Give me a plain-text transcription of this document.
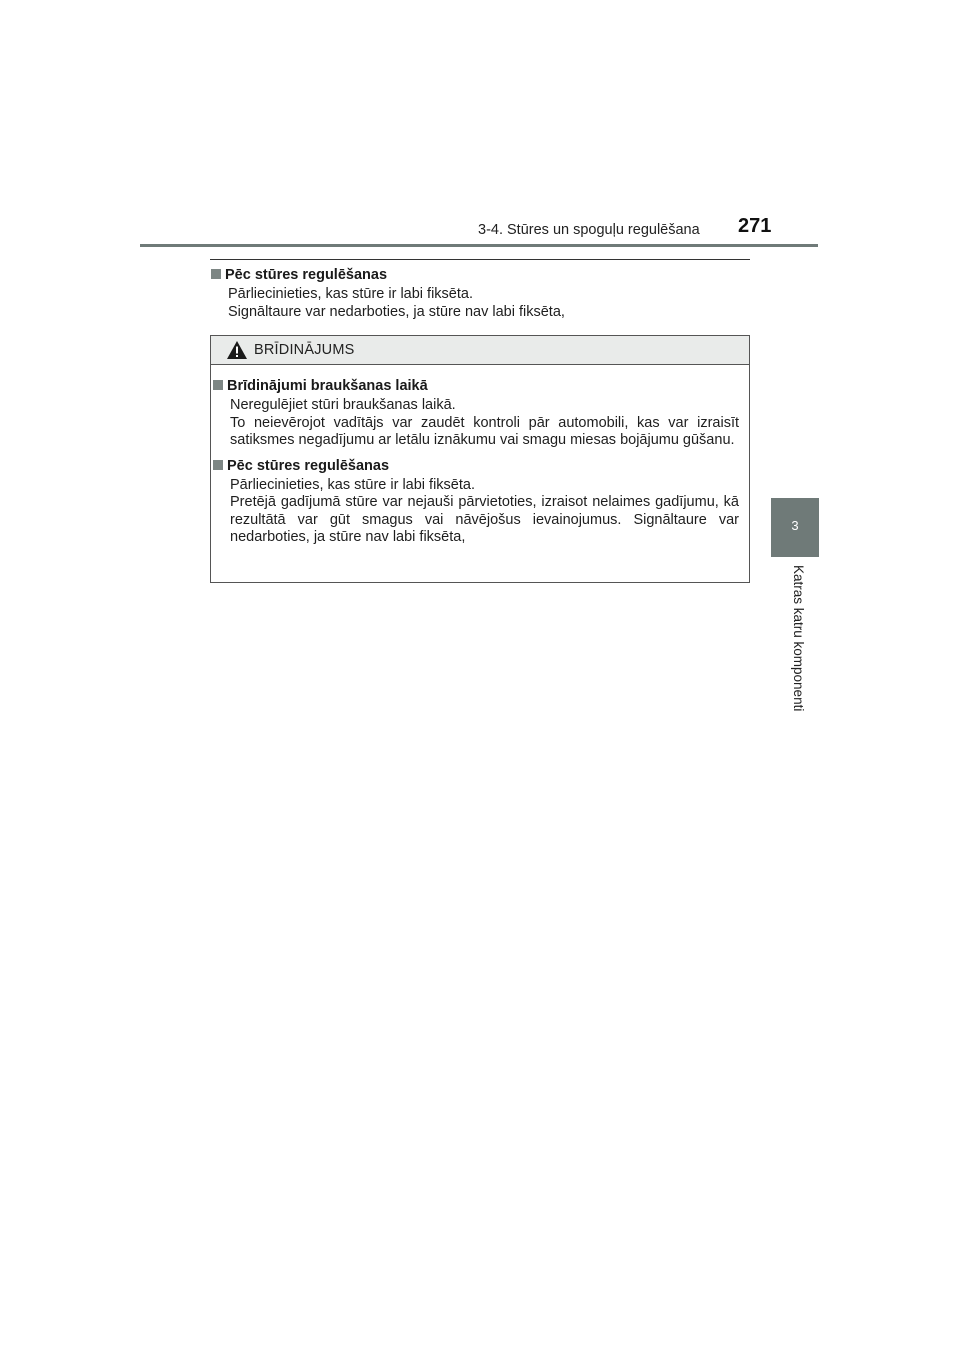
3-4. Stūres un spoguļu regulēšana 271
3
Katras katru komponenti
Pēc stūres regulēšanas
Pārliecinieties, kas stūre ir labi fiksēta.
Signāltaure var nedarboties, ja stūre nav labi fiksēta,
BRĪDINĀJUMS
Brīdinājumi braukšanas laikā
Neregulējiet stūri braukšanas laikā.
To neievērojot vadītājs var zaudēt kontroli pār automobili, kas var izraisīt satiksmes negadījumu ar letālu iznākumu vai smagu miesas bojājumu gūšanu.
Pēc stūres regulēšanas
Pārliecinieties, kas stūre ir labi fiksēta.
Pretējā gadījumā stūre var nejauši pārvietoties, izraisot nelaimes gadījumu, kā rezultātā var gūt smagus vai nāvējošus ievainojumus. Signāltaure var nedarboties, ja stūre nav labi fiksēta,
